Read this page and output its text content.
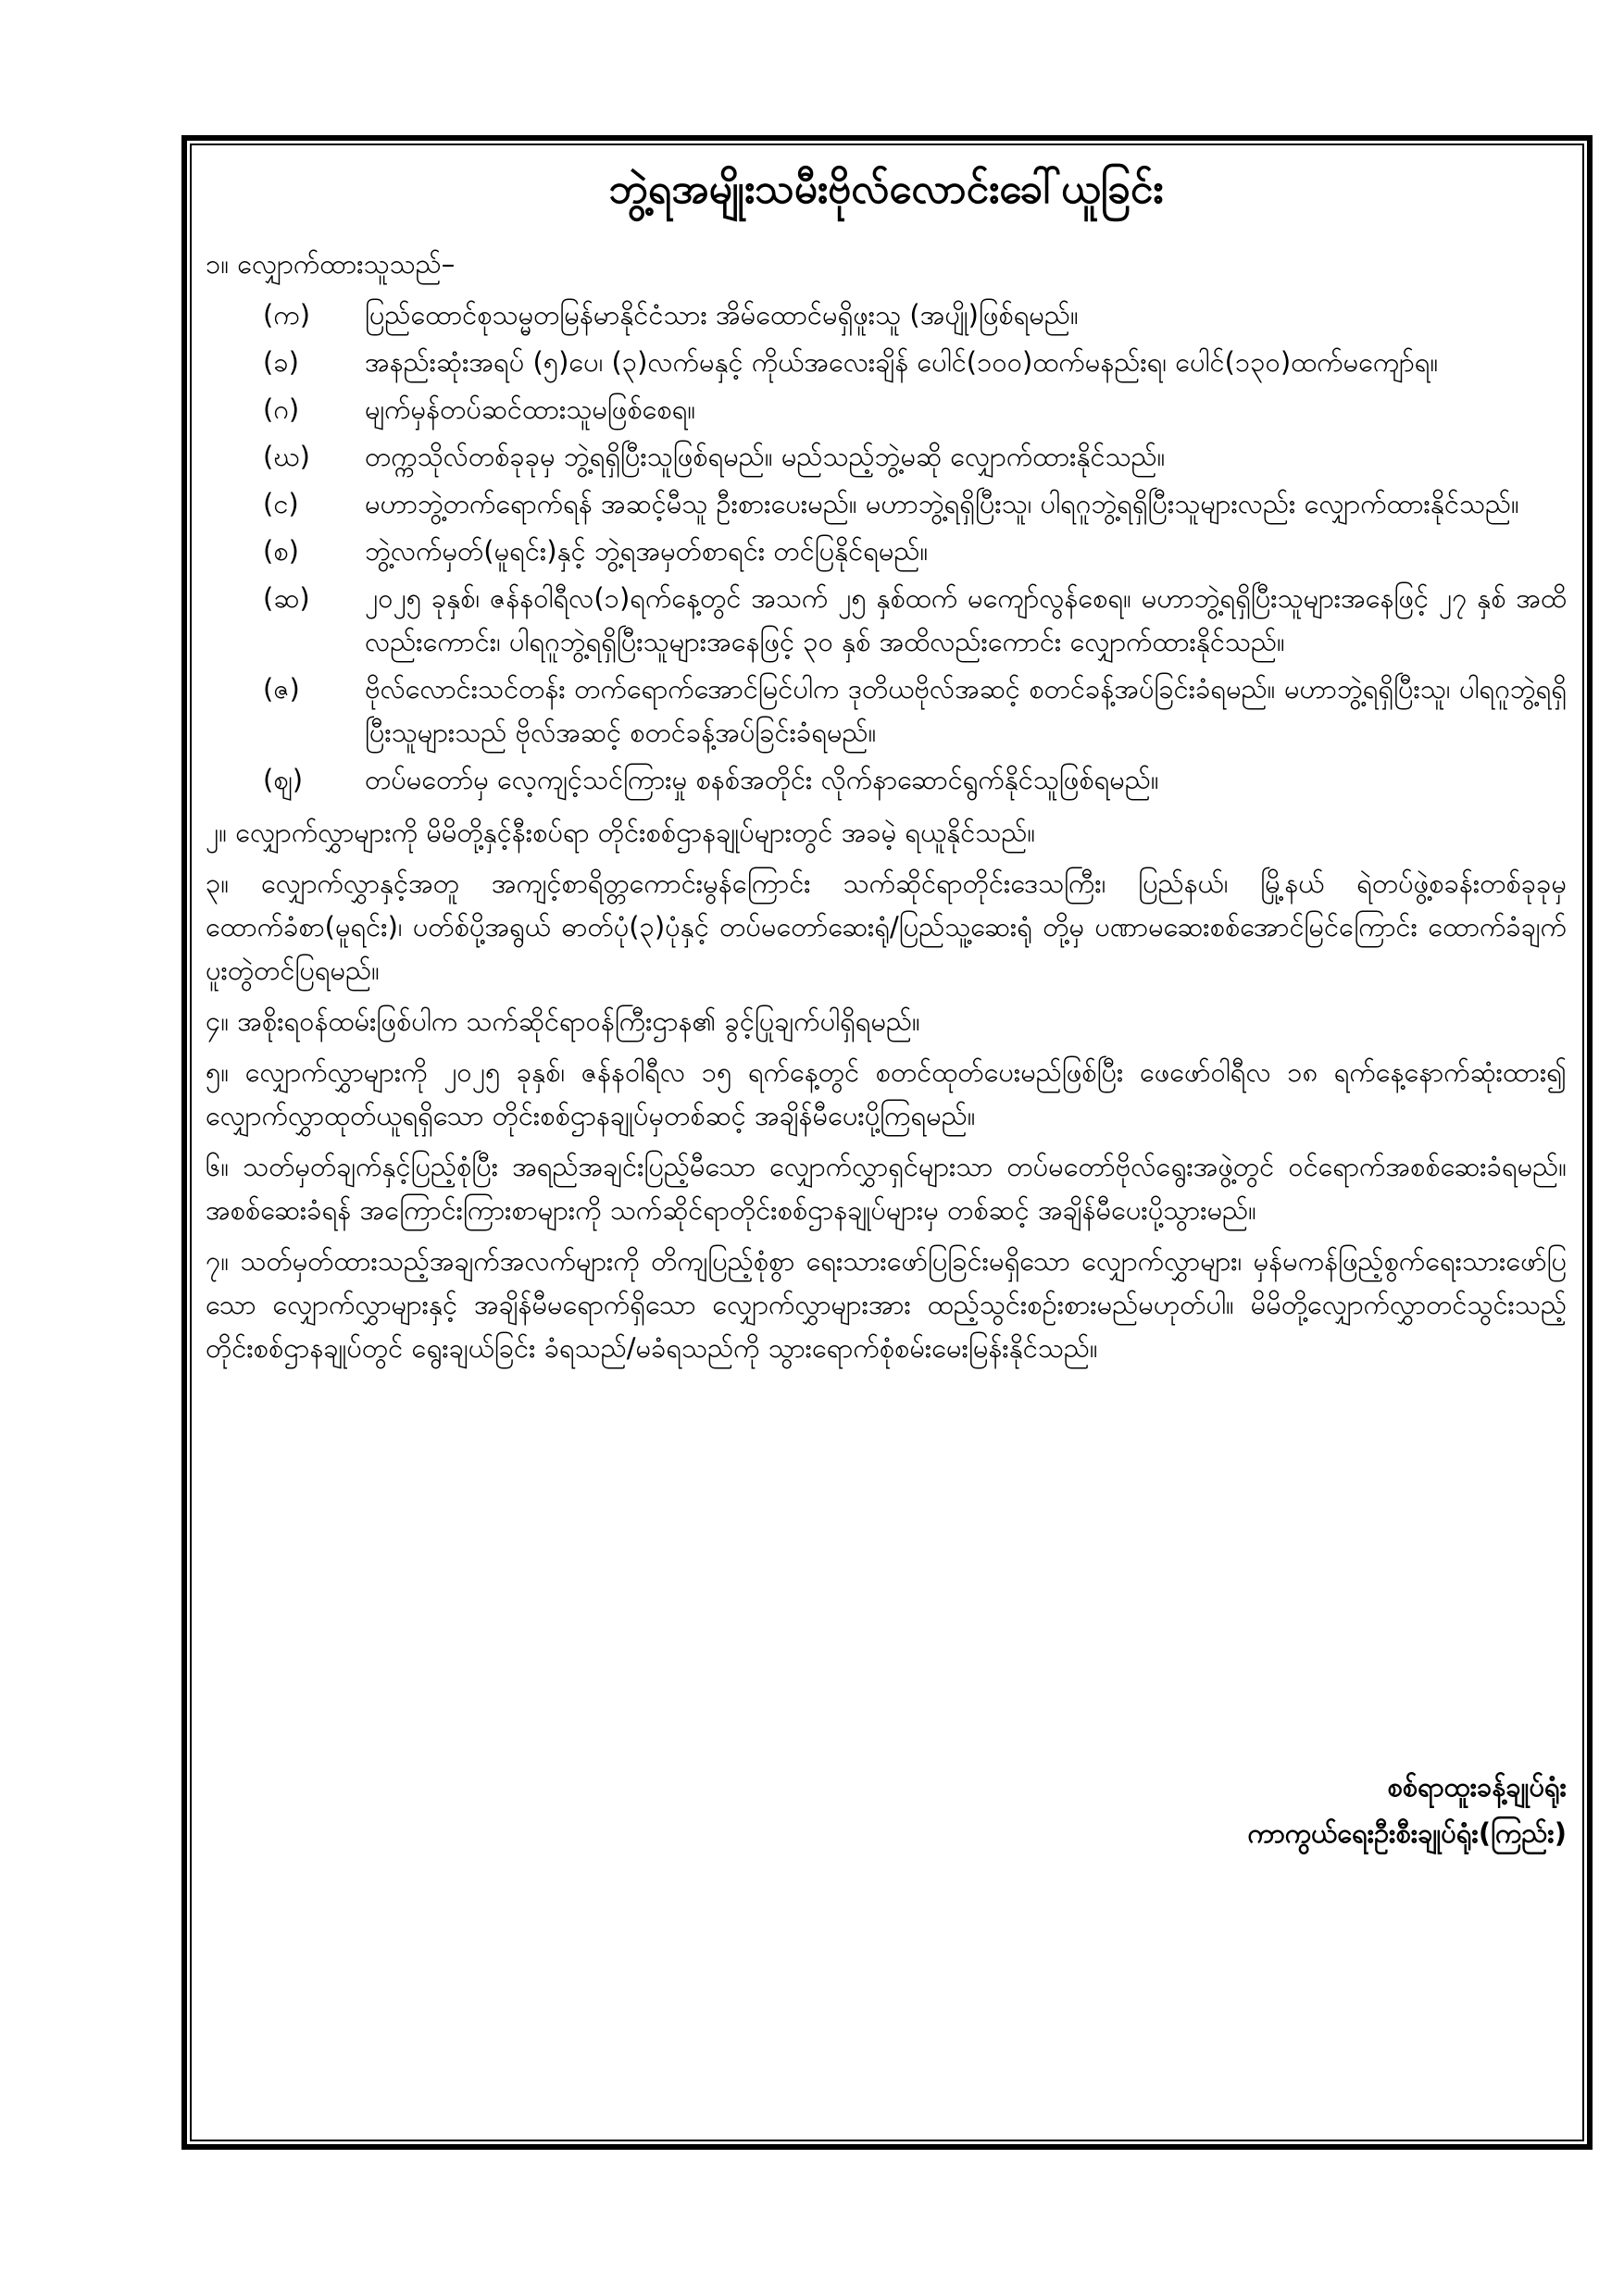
ဘွဲ့ရအမျိုးသမီးဗိုလ်လောင်းခေါ်ယူခြင်း
၁။ လျှောက်ထားသူသည်–
(က)	ပြည်ထောင်စုသမ္မတမြန်မာနိုင်ငံသား အိမ်ထောင်မရှိဖူးသူ (အပျို)ဖြစ်ရမည်။
(ခ)	အနည်းဆုံးအရပ် (၅)ပေ၊ (၃)လက်မနှင့် ကိုယ်အလေးချိန် ပေါင်(၁၀၀)ထက်မနည်းရ၊ ပေါင်(၁၃၀)ထက်မကျော်ရ။
(ဂ)	မျက်မှန်တပ်ဆင်ထားသူမဖြစ်စေရ။
(ဃ)	တက္ကသိုလ်တစ်ခုခုမှ ဘွဲ့ရရှိပြီးသူဖြစ်ရမည်။ မည်သည့်ဘွဲ့မဆို လျှောက်ထားနိုင်သည်။
(င)	မဟာဘွဲ့တက်ရောက်ရန် အဆင့်မီသူ ဦးစားပေးမည်။ မဟာဘွဲ့ရရှိပြီးသူ၊ ပါရဂူဘွဲ့ရရှိပြီးသူများလည်း လျှောက်ထားနိုင်သည်။
(စ)	ဘွဲ့လက်မှတ်(မူရင်း)နှင့် ဘွဲ့ရအမှတ်စာရင်း တင်ပြနိုင်ရမည်။
(ဆ)	၂၀၂၅ ခုနှစ်၊ ဇန်နဝါရီလ(၁)ရက်နေ့တွင် အသက် ၂၅ နှစ်ထက် မကျော်လွန်စေရ။ မဟာဘွဲ့ရရှိပြီးသူများအနေဖြင့် ၂၇ နှစ် အထိလည်းကောင်း၊ ပါရဂူဘွဲ့ရရှိပြီးသူများအနေဖြင့် ၃၀ နှစ် အထိလည်းကောင်း လျှောက်ထားနိုင်သည်။
(ဇ)	ဗိုလ်လောင်းသင်တန်း တက်ရောက်အောင်မြင်ပါက ဒုတိယဗိုလ်အဆင့် စတင်ခန့်အပ်ခြင်းခံရမည်။ မဟာဘွဲ့ရရှိပြီးသူ၊ ပါရဂူဘွဲ့ရရှိပြီးသူများသည် ဗိုလ်အဆင့် စတင်ခန့်အပ်ခြင်းခံရမည်။
(ဈ)	တပ်မတော်မှ လေ့ကျင့်သင်ကြားမှု စနစ်အတိုင်း လိုက်နာဆောင်ရွက်နိုင်သူဖြစ်ရမည်။
၂။ လျှောက်လွှာများကို မိမိတို့နှင့်နီးစပ်ရာ တိုင်းစစ်ဌာနချုပ်များတွင် အခမဲ့ ရယူနိုင်သည်။
၃။ လျှောက်လွှာနှင့်အတူ အကျင့်စာရိတ္တကောင်းမွန်ကြောင်း သက်ဆိုင်ရာတိုင်းဒေသကြီး၊ ပြည်နယ်၊ မြို့နယ် ရဲတပ်ဖွဲ့စခန်းတစ်ခုခုမှ ထောက်ခံစာ(မူရင်း)၊ ပတ်စ်ပို့အရွယ် ဓာတ်ပုံ(၃)ပုံနှင့် တပ်မတော်ဆေးရုံ/ပြည်သူ့ဆေးရုံ တို့မှ ပဏာမဆေးစစ်အောင်မြင်ကြောင်း ထောက်ခံချက် ပူးတွဲတင်ပြရမည်။
၄။ အစိုးရဝန်ထမ်းဖြစ်ပါက သက်ဆိုင်ရာဝန်ကြီးဌာန၏ ခွင့်ပြုချက်ပါရှိရမည်။
၅။ လျှောက်လွှာများကို ၂၀၂၅ ခုနှစ်၊ ဇန်နဝါရီလ ၁၅ ရက်နေ့တွင် စတင်ထုတ်ပေးမည်ဖြစ်ပြီး ဖေဖော်ဝါရီလ ၁၈ ရက်နေ့နောက်ဆုံးထား၍ လျှောက်လွှာထုတ်ယူရရှိသော တိုင်းစစ်ဌာနချုပ်မှတစ်ဆင့် အချိန်မီပေးပို့ကြရမည်။
၆။ သတ်မှတ်ချက်နှင့်ပြည့်စုံပြီး အရည်အချင်းပြည့်မီသော လျှောက်လွှာရှင်များသာ တပ်မတော်ဗိုလ်ရွေးအဖွဲ့တွင် ဝင်ရောက်အစစ်ဆေးခံရမည်။ အစစ်ဆေးခံရန် အကြောင်းကြားစာများကို သက်ဆိုင်ရာတိုင်းစစ်ဌာနချုပ်များမှ တစ်ဆင့် အချိန်မီပေးပို့သွားမည်။
၇။ သတ်မှတ်ထားသည့်အချက်အလက်များကို တိကျပြည့်စုံစွာ ရေးသားဖော်ပြခြင်းမရှိသော လျှောက်လွှာများ၊ မှန်မကန်ဖြည့်စွက်ရေးသားဖော်ပြသော လျှောက်လွှာများနှင့် အချိန်မီမရောက်ရှိသော လျှောက်လွှာများအား ထည့်သွင်းစဉ်းစားမည်မဟုတ်ပါ။ မိမိတို့လျှောက်လွှာတင်သွင်းသည့် တိုင်းစစ်ဌာနချုပ်တွင် ရွေးချယ်ခြင်း ခံရသည်/မခံရသည်ကို သွားရောက်စုံစမ်းမေးမြန်းနိုင်သည်။
စစ်ရာထူးခန့်ချုပ်ရုံး
ကာကွယ်ရေးဦးစီးချုပ်ရုံး(ကြည်း)
